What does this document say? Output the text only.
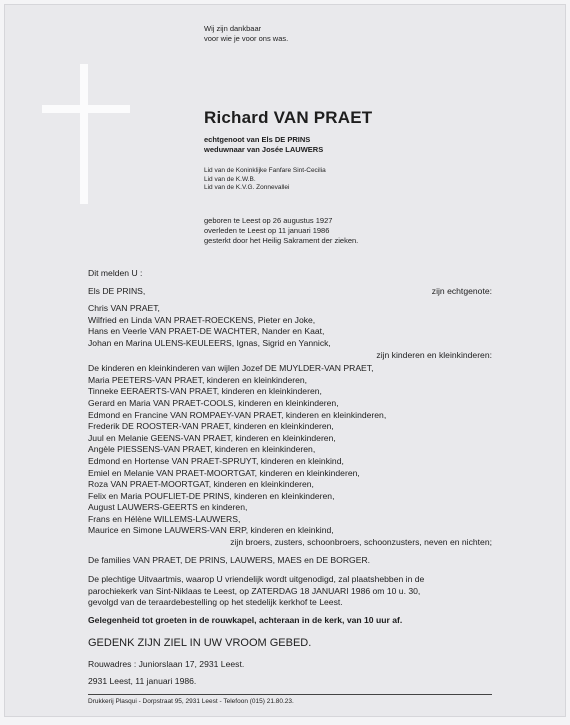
Wij zijn dankbaar
voor wie je voor ons was.
Richard VAN PRAET
echtgenoot van Els DE PRINS
weduwnaar van Josée LAUWERS
Lid van de Koninklijke Fanfare Sint-Cecilia
Lid van de K.W.B.
Lid van de K.V.G. Zonnevallei
geboren te Leest op 26 augustus 1927
overleden te Leest op 11 januari 1986
gesterkt door het Heilig Sakrament der zieken.
Dit melden U :
Els DE PRINS,	zijn echtgenote:
Chris VAN PRAET,
Wilfried en Linda VAN PRAET-ROECKENS, Pieter en Joke,
Hans en Veerle VAN PRAET-DE WACHTER, Nander en Kaat,
Johan en Marina ULENS-KEULEERS, Ignas, Sigrid en Yannick,
zijn kinderen en kleinkinderen:
De kinderen en kleinkinderen van wijlen Jozef DE MUYLDER-VAN PRAET,
Maria PEETERS-VAN PRAET, kinderen en kleinkinderen,
Tinneke EERAERTS-VAN PRAET, kinderen en kleinkinderen,
Gerard en Maria VAN PRAET-COOLS, kinderen en kleinkinderen,
Edmond en Francine VAN ROMPAEY-VAN PRAET, kinderen en kleinkinderen,
Frederik DE ROOSTER-VAN PRAET, kinderen en kleinkinderen,
Juul en Melanie GEENS-VAN PRAET, kinderen en kleinkinderen,
Angèle PIESSENS-VAN PRAET, kinderen en kleinkinderen,
Edmond en Hortense VAN PRAET-SPRUYT, kinderen en kleinkind,
Emiel en Melanie VAN PRAET-MOORTGAT, kinderen en kleinkinderen,
Roza VAN PRAET-MOORTGAT, kinderen en kleinkinderen,
Felix en Maria POUFLIET-DE PRINS, kinderen en kleinkinderen,
August LAUWERS-GEERTS en kinderen,
Frans en Hélène WILLEMS-LAUWERS,
Maurice en Simone LAUWERS-VAN ERP, kinderen en kleinkind,
zijn broers, zusters, schoonbroers, schoonzusters, neven en nichten;
De families VAN PRAET, DE PRINS, LAUWERS, MAES en DE BORGER.
De plechtige Uitvaartmis, waarop U vriendelijk wordt uitgenodigd, zal plaatshebben in de
parochiekerk van Sint-Niklaas te Leest, op ZATERDAG 18 JANUARI 1986 om 10 u. 30,
gevolgd van de teraardebestelling op het stedelijk kerkhof te Leest.
Gelegenheid tot groeten in de rouwkapel, achteraan in de kerk, van 10 uur af.
GEDENK ZIJN ZIEL IN UW VROOM GEBED.
Rouwadres : Juniorslaan 17, 2931 Leest.
2931 Leest, 11 januari 1986.
Drukkerij Plasqui - Dorpstraat 95, 2931 Leest - Telefoon (015) 21.80.23.
